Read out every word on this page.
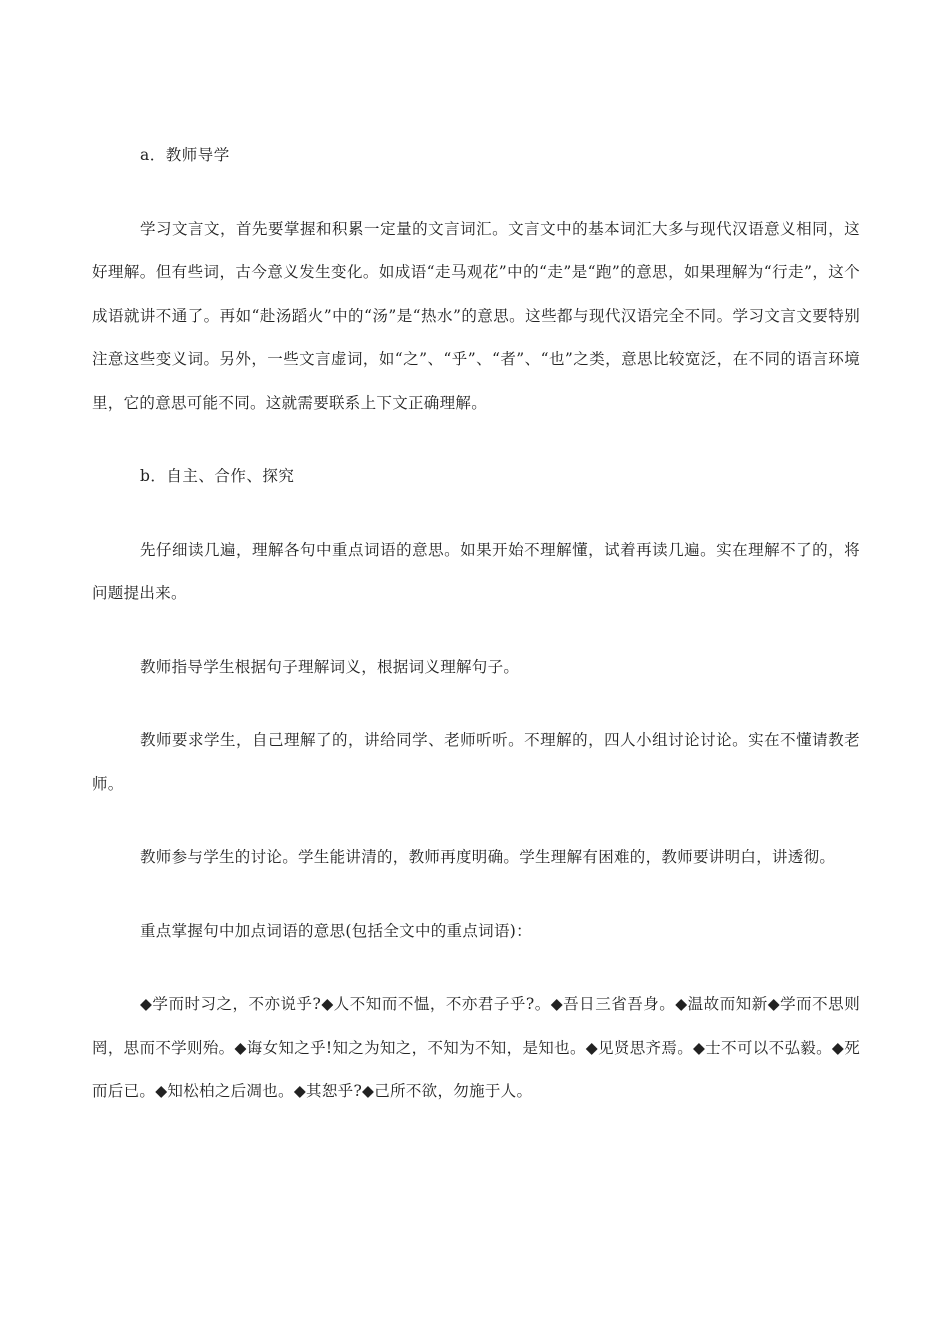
a．教师导学

学习文言文，首先要掌握和积累一定量的文言词汇。文言文中的基本词汇大多与现代汉语意义相同，这好理解。但有些词，古今意义发生变化。如成语“走马观花”中的“走”是“跑”的意思，如果理解为“行走”，这个成语就讲不通了。再如“赴汤蹈火”中的“汤”是“热水”的意思。这些都与现代汉语完全不同。学习文言文要特别注意这些变义词。另外，一些文言虚词，如“之”、“乎”、“者”、“也”之类，意思比较宽泛，在不同的语言环境里，它的意思可能不同。这就需要联系上下文正确理解。

b．自主、合作、探究

先仔细读几遍，理解各句中重点词语的意思。如果开始不理解懂，试着再读几遍。实在理解不了的，将问题提出来。

教师指导学生根据句子理解词义，根据词义理解句子。

教师要求学生，自己理解了的，讲给同学、老师听听。不理解的，四人小组讨论讨论。实在不懂请教老师。

教师参与学生的讨论。学生能讲清的，教师再度明确。学生理解有困难的，教师要讲明白，讲透彻。

重点掌握句中加点词语的意思(包括全文中的重点词语)：

◆学而时习之，不亦说乎?◆人不知而不愠，不亦君子乎?。◆吾日三省吾身。◆温故而知新◆学而不思则罔，思而不学则殆。◆诲女知之乎!知之为知之，不知为不知，是知也。◆见贤思齐焉。◆士不可以不弘毅。◆死而后已。◆知松柏之后凋也。◆其恕乎?◆己所不欲，勿施于人。
